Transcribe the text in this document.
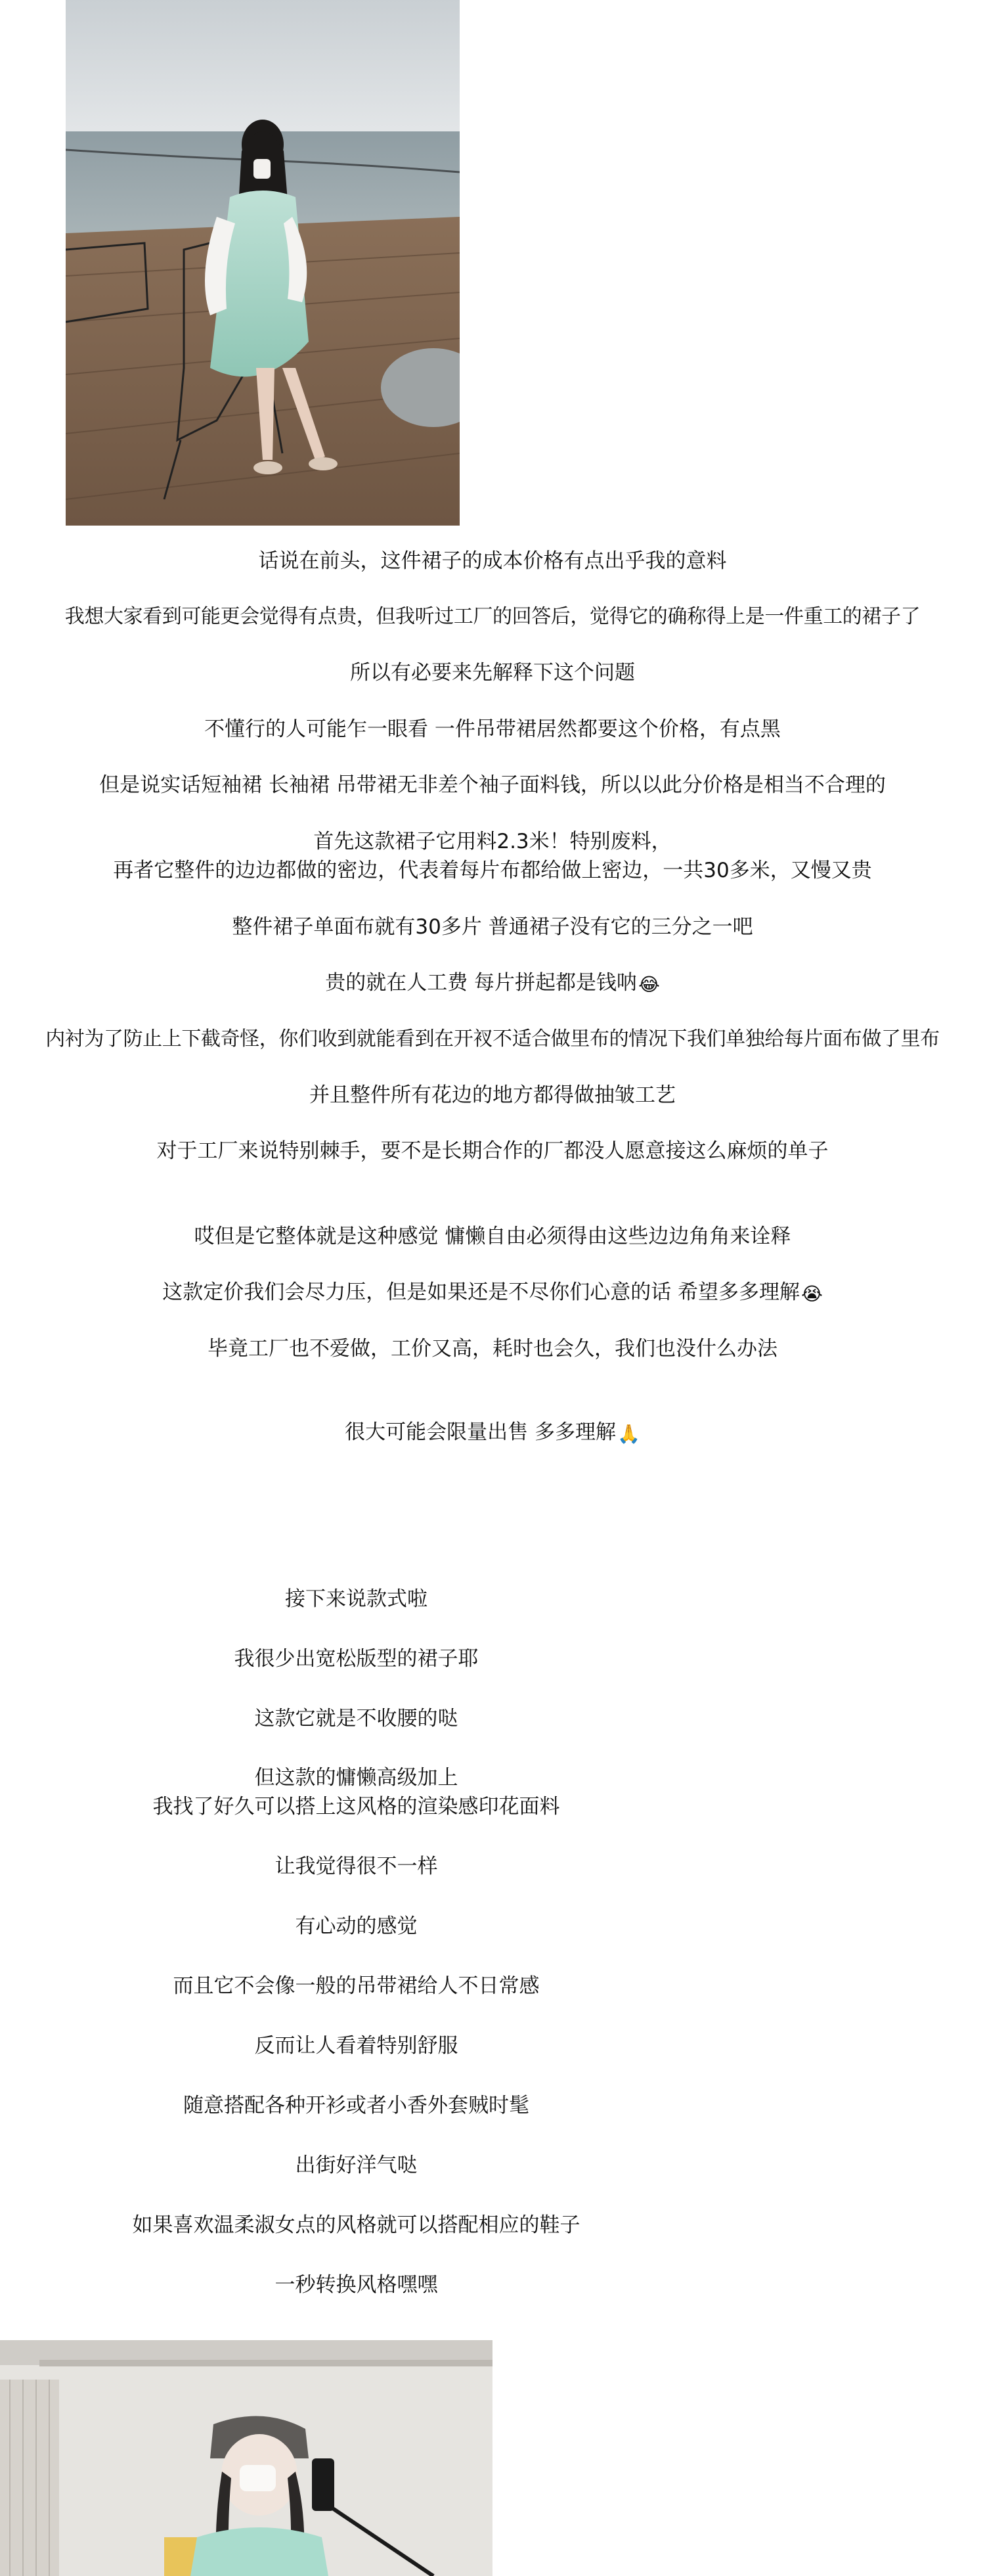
话说在前头，这件裙子的成本价格有点出乎我的意料

我想大家看到可能更会觉得有点贵，但我听过工厂的回答后，觉得它的确称得上是一件重工的裙子了

所以有必要来先解释下这个问题

不懂行的人可能乍一眼看 一件吊带裙居然都要这个价格，有点黑

但是说实话短袖裙 长袖裙 吊带裙无非差个袖子面料钱，所以以此分价格是相当不合理的

首先这款裙子它用料2.3米！特别废料，

再者它整件的边边都做的密边，代表着每片布都给做上密边，一共30多米，又慢又贵

整件裙子单面布就有30多片 普通裙子没有它的三分之一吧

贵的就在人工费 每片拼起都是钱呐😂

内衬为了防止上下截奇怪，你们收到就能看到在开衩不适合做里布的情况下我们单独给每片面布做了里布

并且整件所有花边的地方都得做抽皱工艺

对于工厂来说特别棘手，要不是长期合作的厂都没人愿意接这么麻烦的单子

哎但是它整体就是这种感觉 慵懒自由必须得由这些边边角角来诠释

这款定价我们会尽力压，但是如果还是不尽你们心意的话 希望多多理解😭

毕竟工厂也不爱做，工价又高，耗时也会久，我们也没什么办法

很大可能会限量出售 多多理解🙏

接下来说款式啦

我很少出宽松版型的裙子耶

这款它就是不收腰的哒

但这款的慵懒高级加上

我找了好久可以搭上这风格的渲染感印花面料

让我觉得很不一样

有心动的感觉

而且它不会像一般的吊带裙给人不日常感

反而让人看着特别舒服

随意搭配各种开衫或者小香外套贼时髦

出街好洋气哒

如果喜欢温柔淑女点的风格就可以搭配相应的鞋子

一秒转换风格嘿嘿
